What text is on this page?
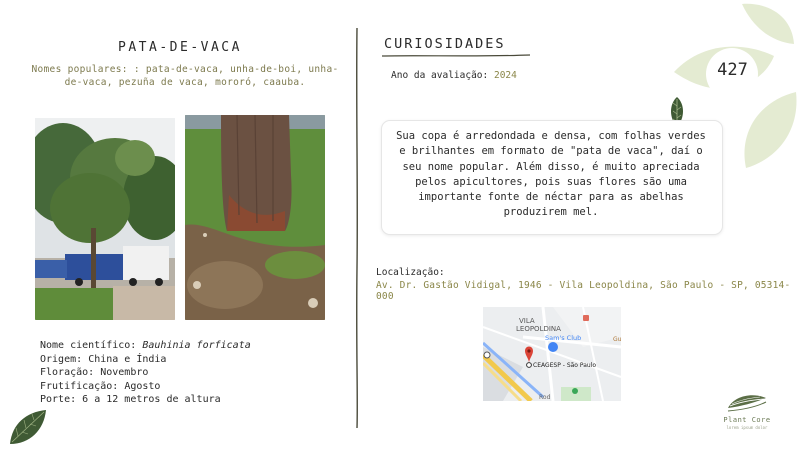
427
PATA-DE-VACA
Nomes populares: : pata-de-vaca, unha-de-boi, unha-de-vaca, pezuña de vaca, mororó, caauba.
Nome científico: Bauhinia forficata
Origem: China e Índia
Floração: Novembro
Frutificação: Agosto
Porte: 6 a 12 metros de altura
CURIOSIDADES
Ano da avaliação: 2024
Sua copa é arredondada e densa, com folhas verdes e brilhantes em formato de "pata de vaca", daí o seu nome popular. Além disso, é muito apreciada pelos apicultores, pois suas flores são uma importante fonte de néctar para as abelhas produzirem mel.
Localização:
Av. Dr. Gastão Vidigal, 1946 - Vila Leopoldina, São Paulo - SP, 05314-000
VILA
LEOPOLDINA
Sam's Club
CEAGESP - São Paulo
Rod
Gu
Plant Core
lorem ipsum dolor
